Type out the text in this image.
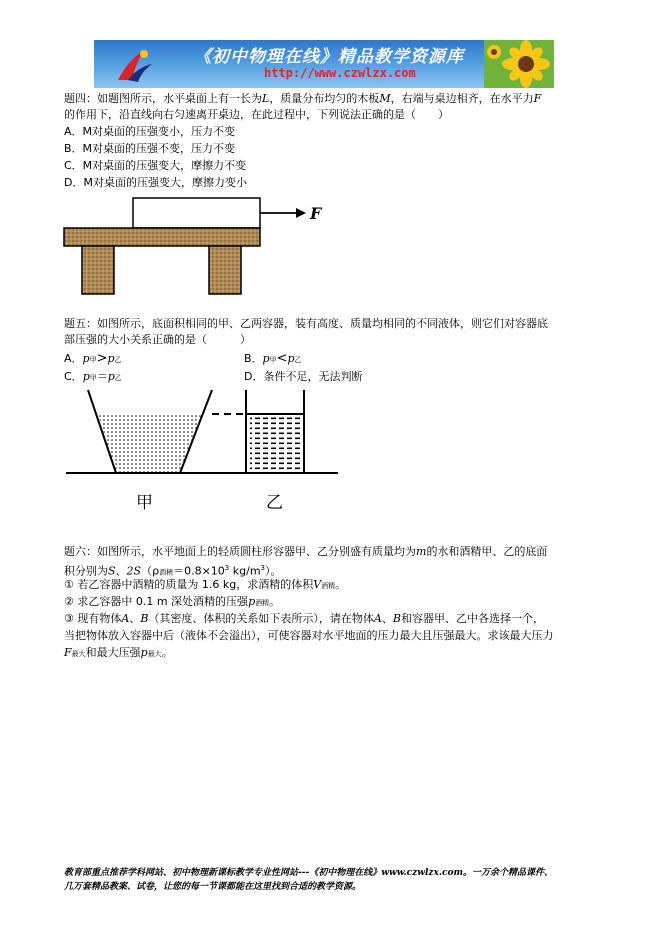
《初中物理在线》精品教学资源库
http://www.czwlzx.com
题四：如题图所示，水平桌面上有一长为L，质量分布均匀的木板M，右端与桌边相齐，在水平力F
的作用下，沿直线向右匀速离开桌边，在此过程中，下列说法正确的是（　　）
A．M对桌面的压强变小，压力不变
B．M对桌面的压强不变，压力不变
C．M对桌面的压强变大，摩擦力不变
D．M对桌面的压强变大，摩擦力变小
F
题五：如图所示，底面积相同的甲、乙两容器，装有高度、质量均相同的不同液体，则它们对容器底
部压强的大小关系正确的是（　　　）
A．p甲>p乙	B．p甲<p乙
C．p甲＝p乙	D．条件不足，无法判断
甲	乙
题六：如图所示，水平地面上的轻质圆柱形容器甲、乙分别盛有质量均为m的水和酒精甲、乙的底面
积分别为S、2S（ρ酒精$=0.8\times 10^3$ $kg/m^3$）。
① 若乙容器中酒精的质量为 1.6 kg，求酒精的体积V酒精。
② 求乙容器中 0.1 m 深处酒精的压强p酒精。
③ 现有物体A、B（其密度、体积的关系如下表所示），请在物体A、B和容器甲、乙中各选择一个，
当把物体放入容器中后（液体不会溢出），可使容器对水平地面的压力最大且压强最大。求该最大压力
F最大和最大压强p最大。
教育部重点推荐学科网站、初中物理新课标教学专业性网站---《初中物理在线》www.czwlzx.com。一万余个精品课件、
几万套精品教案、试卷，让您的每一节课都能在这里找到合适的教学资源。
